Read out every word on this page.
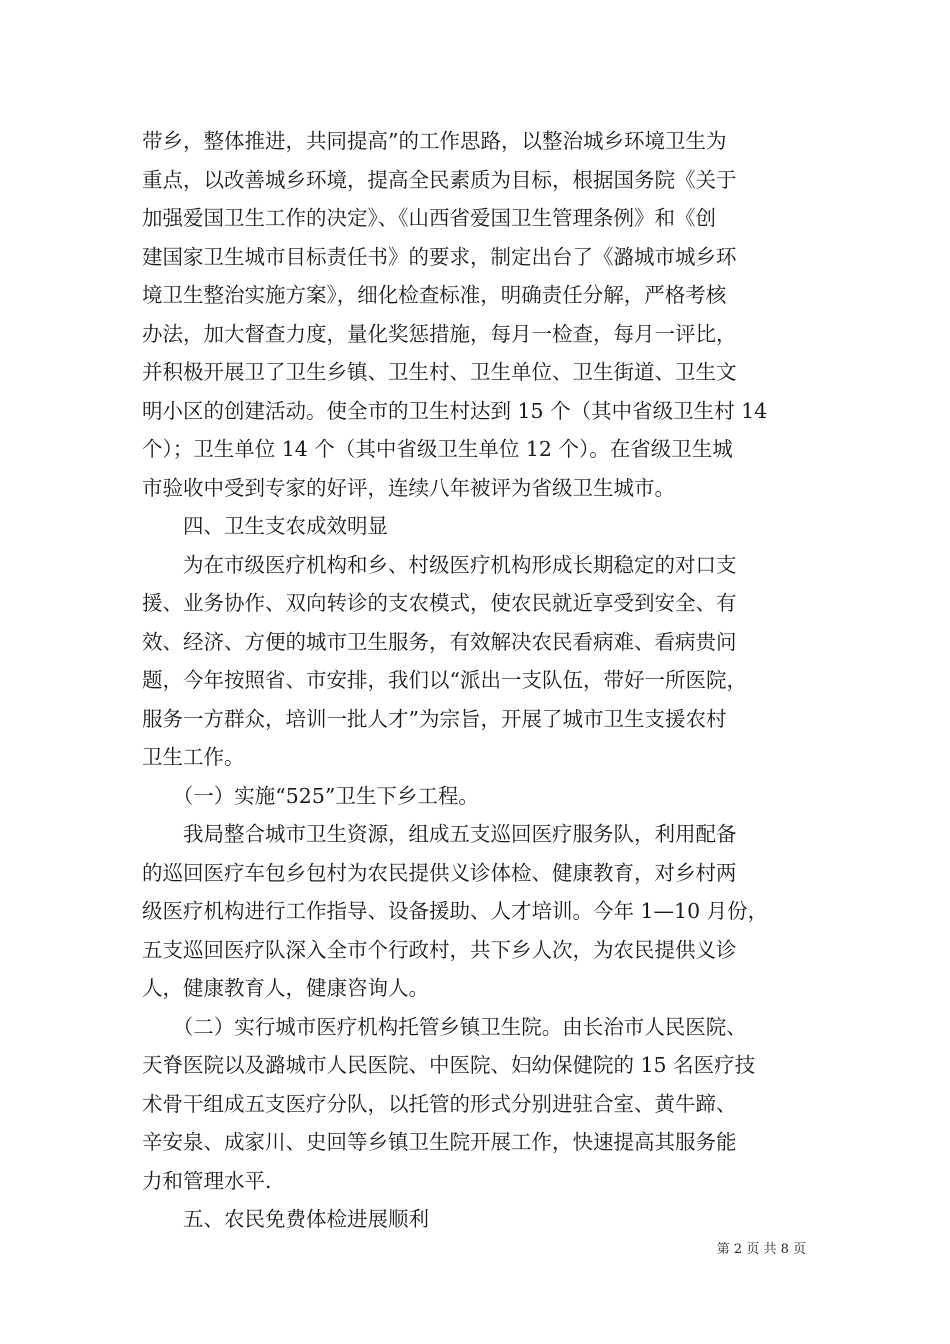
带乡，整体推进，共同提高”的工作思路，以整治城乡环境卫生为
重点，以改善城乡环境，提高全民素质为目标，根据国务院《关于
加强爱国卫生工作的决定》、《山西省爱国卫生管理条例》和《创
建国家卫生城市目标责任书》的要求，制定出台了《潞城市城乡环
境卫生整治实施方案》，细化检查标准，明确责任分解，严格考核
办法，加大督查力度，量化奖惩措施，每月一检查，每月一评比，
并积极开展卫了卫生乡镇、卫生村、卫生单位、卫生街道、卫生文
明小区的创建活动。使全市的卫生村达到 15 个（其中省级卫生村 14
个）；卫生单位 14 个（其中省级卫生单位 12 个）。在省级卫生城
市验收中受到专家的好评，连续八年被评为省级卫生城市。
　　四、卫生支农成效明显
　　为在市级医疗机构和乡、村级医疗机构形成长期稳定的对口支
援、业务协作、双向转诊的支农模式，使农民就近享受到安全、有
效、经济、方便的城市卫生服务，有效解决农民看病难、看病贵问
题，今年按照省、市安排，我们以“派出一支队伍，带好一所医院，
服务一方群众，培训一批人才”为宗旨，开展了城市卫生支援农村
卫生工作。
　　（一）实施“525”卫生下乡工程。
　　我局整合城市卫生资源，组成五支巡回医疗服务队，利用配备
的巡回医疗车包乡包村为农民提供义诊体检、健康教育，对乡村两
级医疗机构进行工作指导、设备援助、人才培训。今年 1—10 月份，
五支巡回医疗队深入全市个行政村，共下乡人次，为农民提供义诊
人，健康教育人，健康咨询人。
　　（二）实行城市医疗机构托管乡镇卫生院。由长治市人民医院、
天脊医院以及潞城市人民医院、中医院、妇幼保健院的 15 名医疗技
术骨干组成五支医疗分队，以托管的形式分别进驻合室、黄牛蹄、
辛安泉、成家川、史回等乡镇卫生院开展工作，快速提高其服务能
力和管理水平.
　　五、农民免费体检进展顺利
第 2 页 共 8 页
